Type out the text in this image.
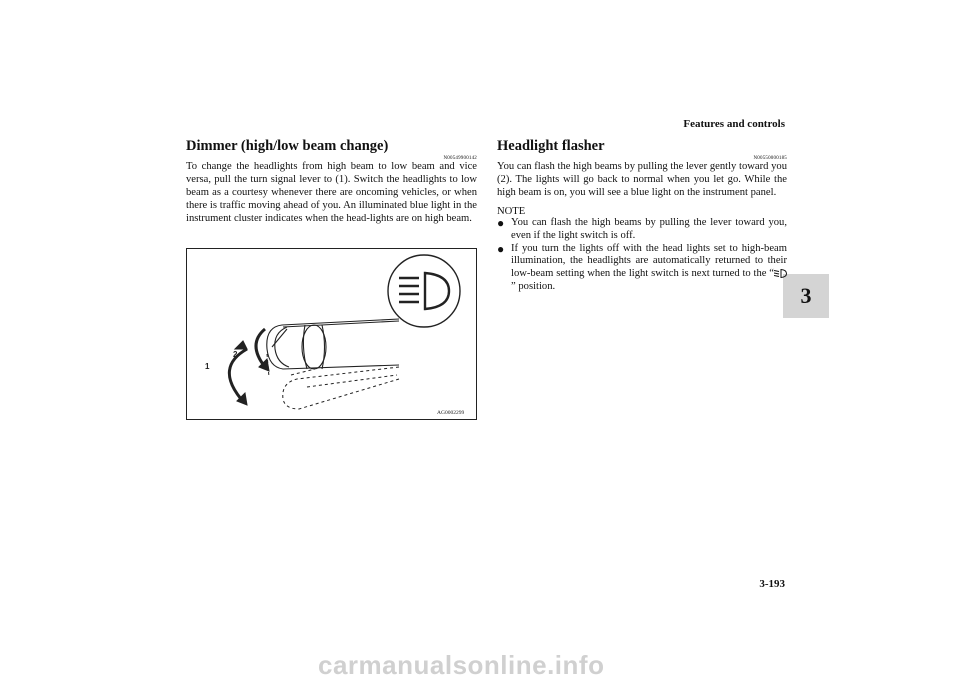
Features and controls
3
Dimmer (high/low beam change)
N00549900142
To change the headlights from high beam to low beam and vice versa, pull the turn signal lever to (1). Switch the headlights to low beam as a courtesy whenever there are oncoming vehicles, or when there is traffic moving ahead of you. An illuminated blue light in the instrument cluster indicates when the head-lights are on high beam.
1
2
AG0002299
Headlight flasher
N00550000185
You can flash the high beams by pulling the lever gently toward you (2). The lights will go back to normal when you let go. While the high beam is on, you will see a blue light on the instrument panel.
NOTE
● You can flash the high beams by pulling the lever toward you, even if the light switch is off.
● If you turn the lights off with the head lights set to high-beam illumination, the headlights are automatically returned to their low-beam setting when the light switch is next turned to the “” position.
3-193
carmanualsonline.info
